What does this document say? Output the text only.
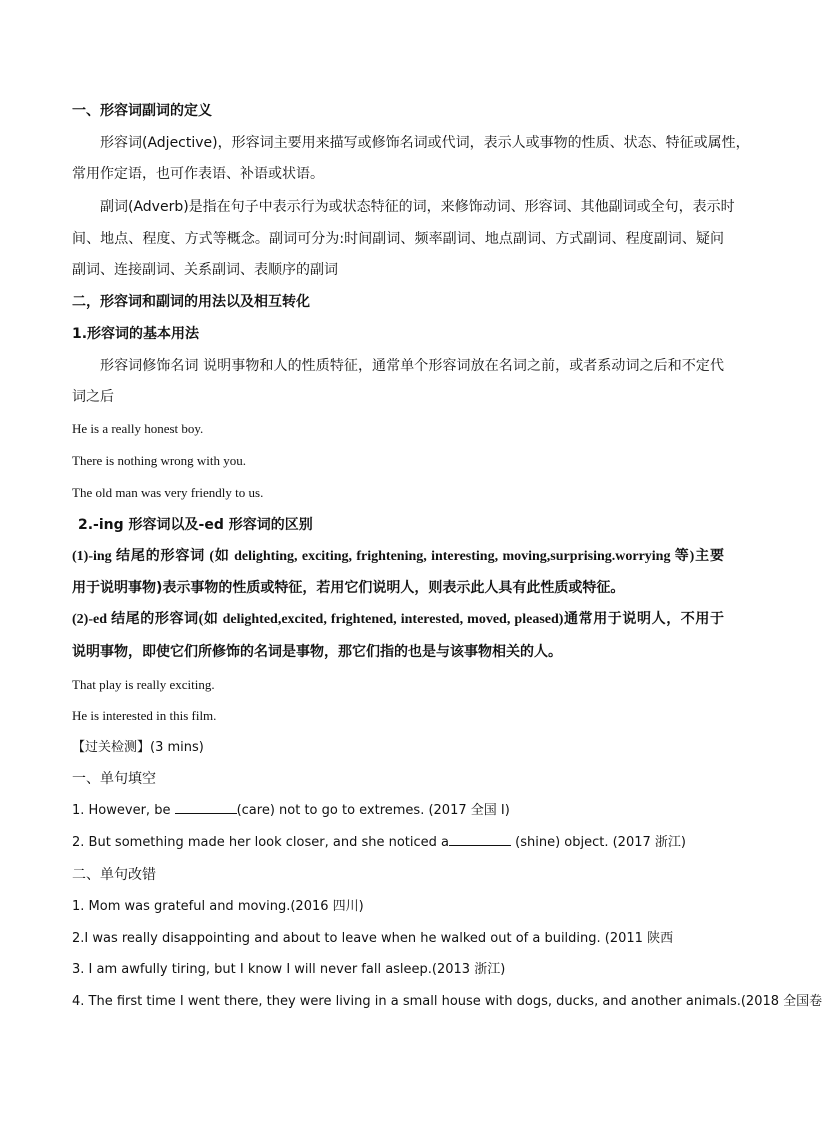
一、形容词副词的定义
形容词(Adjective)，形容词主要用来描写或修饰名词或代词，表示人或事物的性质、状态、特征或属性，
常用作定语，也可作表语、补语或状语。
副词(Adverb)是指在句子中表示行为或状态特征的词，来修饰动词、形容词、其他副词或全句，表示时
间、地点、程度、方式等概念。副词可分为:时间副词、频率副词、地点副词、方式副词、程度副词、疑问
副词、连接副词、关系副词、表顺序的副词
二，形容词和副词的用法以及相互转化
1.形容词的基本用法
形容词修饰名词 说明事物和人的性质特征，通常单个形容词放在名词之前，或者系动词之后和不定代
词之后
He is a really honest boy.
There is nothing wrong with you.
The old man was very friendly to us.
2.-ing 形容词以及-ed 形容词的区别
(1)-ing 结尾的形容词 (如 delighting, exciting, frightening, interesting, moving,surprising.worrying 等)主要
用于说明事物)表示事物的性质或特征，若用它们说明人，则表示此人具有此性质或特征。
(2)-ed 结尾的形容词(如 delighted,excited, frightened, interested, moved, pleased)通常用于说明人，不用于
说明事物，即使它们所修饰的名词是事物，那它们指的也是与该事物相关的人。
That play is really exciting.
He is interested in this film.
【过关检测】(3 mins)
一、单句填空
1. However, be	(care) not to go to extremes. (2017 全国 I)
2. But something made her look closer, and she noticed a	(shine) object. (2017 浙江)
二、单句改错
1. Mom was grateful and moving.(2016 四川)
2.I was really disappointing and about to leave when he walked out of a building. (2011 陕西
3. I am awfully tiring, but I know I will never fall asleep.(2013 浙江)
4. The first time I went there, they were living in a small house with dogs, ducks, and another animals.(2018 全国卷
